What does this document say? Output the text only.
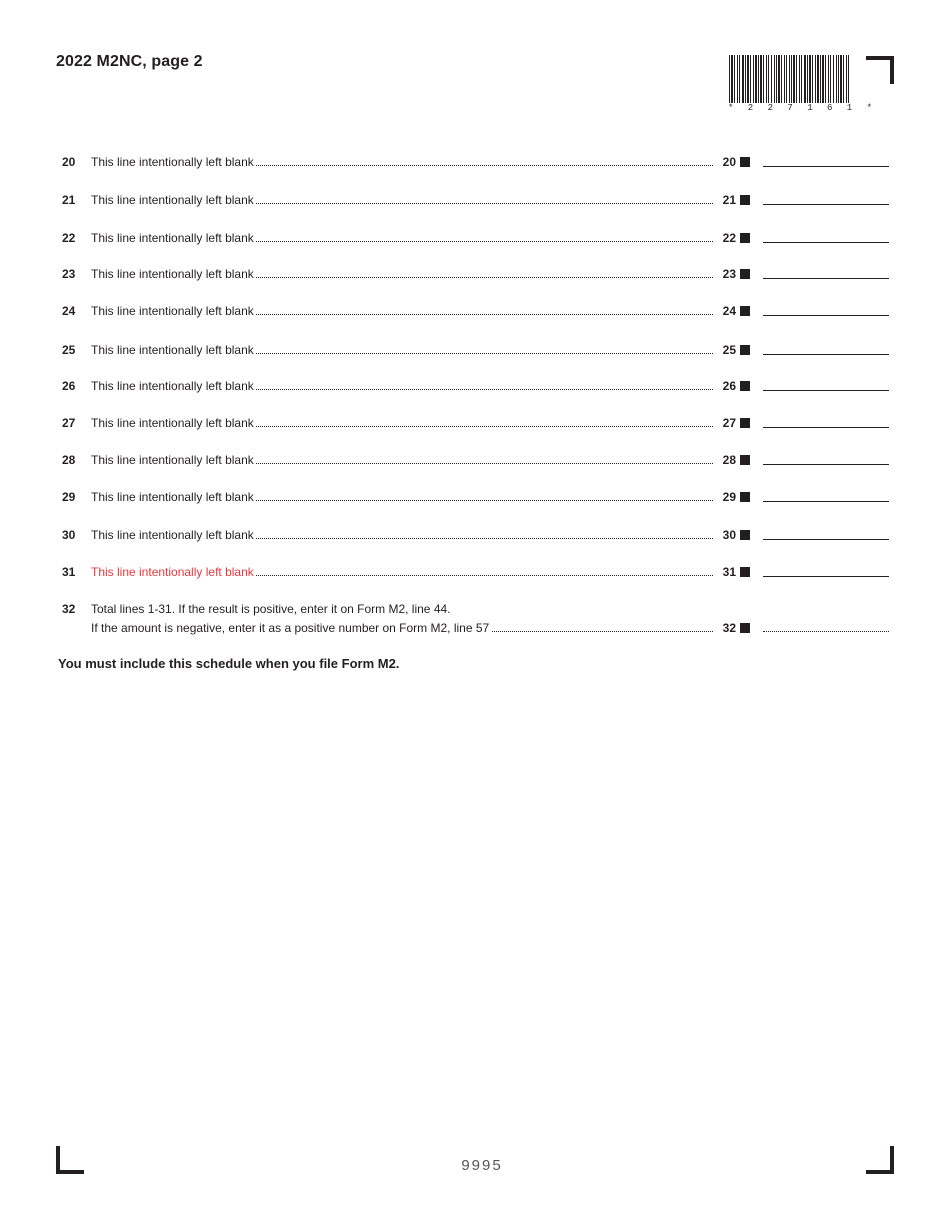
2022 M2NC, page 2
* 2 2 7 1 6 1 *
20 This line intentionally left blank	20
21 This line intentionally left blank	21
22 This line intentionally left blank	22
23 This line intentionally left blank	23
24 This line intentionally left blank	24
25 This line intentionally left blank	25
26 This line intentionally left blank	26
27 This line intentionally left blank	27
28 This line intentionally left blank	28
29 This line intentionally left blank	29
30 This line intentionally left blank	30
31 This line intentionally left blank	31
32 Total lines 1-31. If the result is positive, enter it on Form M2, line 44.
If the amount is negative, enter it as a positive number on Form M2, line 57	32
You must include this schedule when you file Form M2.
9995
